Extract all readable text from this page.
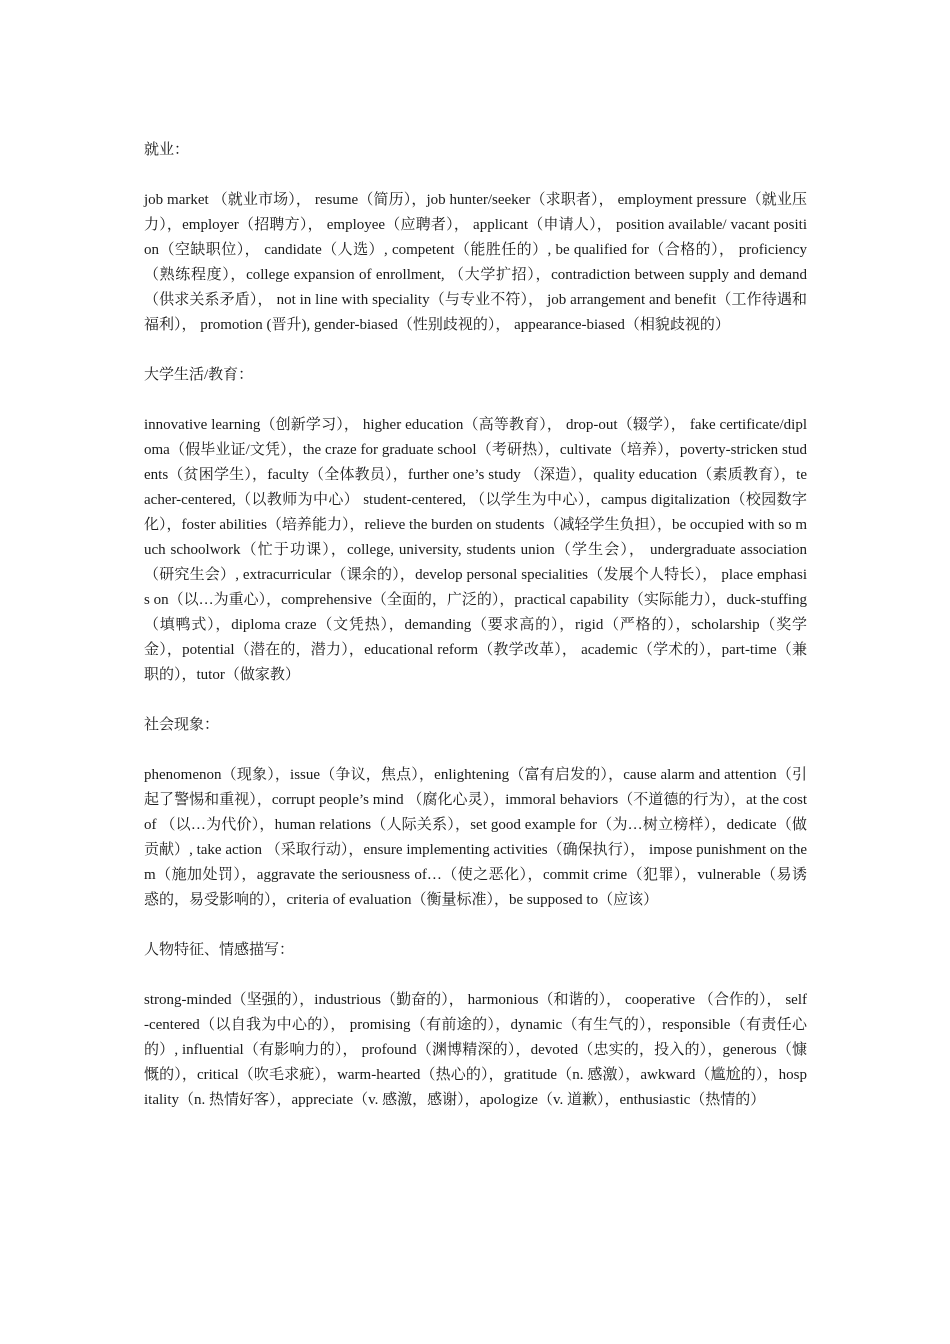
就业：

job market （就业市场）， resume（简历），job hunter/seeker（求职者）， employment pressure（就业压力），employer（招聘方）， employee（应聘者）， applicant（申请人）， position available/ vacant position（空缺职位）， candidate（人选）, competent（能胜任的）, be qualified for（合格的）， proficiency（熟练程度），college expansion of enrollment, （大学扩招），contradiction between supply and demand（供求关系矛盾）， not in line with speciality（与专业不符）， job arrangement and benefit（工作待遇和福利）， promotion (晋升), gender-biased（性别歧视的）， appearance-biased（相貌歧视的）

大学生活/教育：

innovative learning（创新学习）， higher education（高等教育）， drop-out（辍学）， fake certificate/diploma（假毕业证/文凭），the craze for graduate school（考研热），cultivate（培养），poverty-stricken students（贫困学生），faculty（全体教员），further one’s study （深造），quality education（素质教育），teacher-centered,（以教师为中心） student-centered, （以学生为中心），campus digitalization（校园数字化），foster abilities（培养能力），relieve the burden on students（减轻学生负担），be occupied with so much schoolwork（忙于功课），college, university, students union（学生会）， undergraduate association（研究生会）, extracurricular（课余的），develop personal specialities（发展个人特长）， place emphasis on（以…为重心），comprehensive（全面的，广泛的），practical capability（实际能力），duck-stuffing（填鸭式），diploma craze（文凭热），demanding（要求高的），rigid（严格的），scholarship（奖学金），potential（潜在的，潜力），educational reform（教学改革）， academic（学术的），part-time（兼职的），tutor（做家教）

社会现象：

phenomenon（现象），issue（争议，焦点），enlightening（富有启发的），cause alarm and attention（引起了警惕和重视），corrupt people’s mind （腐化心灵），immoral behaviors（不道德的行为），at the cost of （以…为代价），human relations（人际关系），set good example for（为…树立榜样），dedicate（做贡献）, take action （采取行动），ensure implementing activities（确保执行）， impose punishment on them（施加处罚），aggravate the seriousness of…（使之恶化），commit crime（犯罪），vulnerable（易诱惑的，易受影响的），criteria of evaluation（衡量标准），be supposed to（应该）

人物特征、情感描写：

strong-minded（坚强的），industrious（勤奋的）， harmonious（和谐的）， cooperative （合作的）， self-centered（以自我为中心的）， promising（有前途的），dynamic（有生气的），responsible（有责任心的）, influential（有影响力的）， profound（渊博精深的），devoted（忠实的，投入的），generous（慷慨的），critical（吹毛求疵），warm-hearted（热心的），gratitude（n. 感激），awkward（尴尬的），hospitality（n. 热情好客），appreciate（v. 感激，感谢），apologize（v. 道歉），enthusiastic（热情的）
